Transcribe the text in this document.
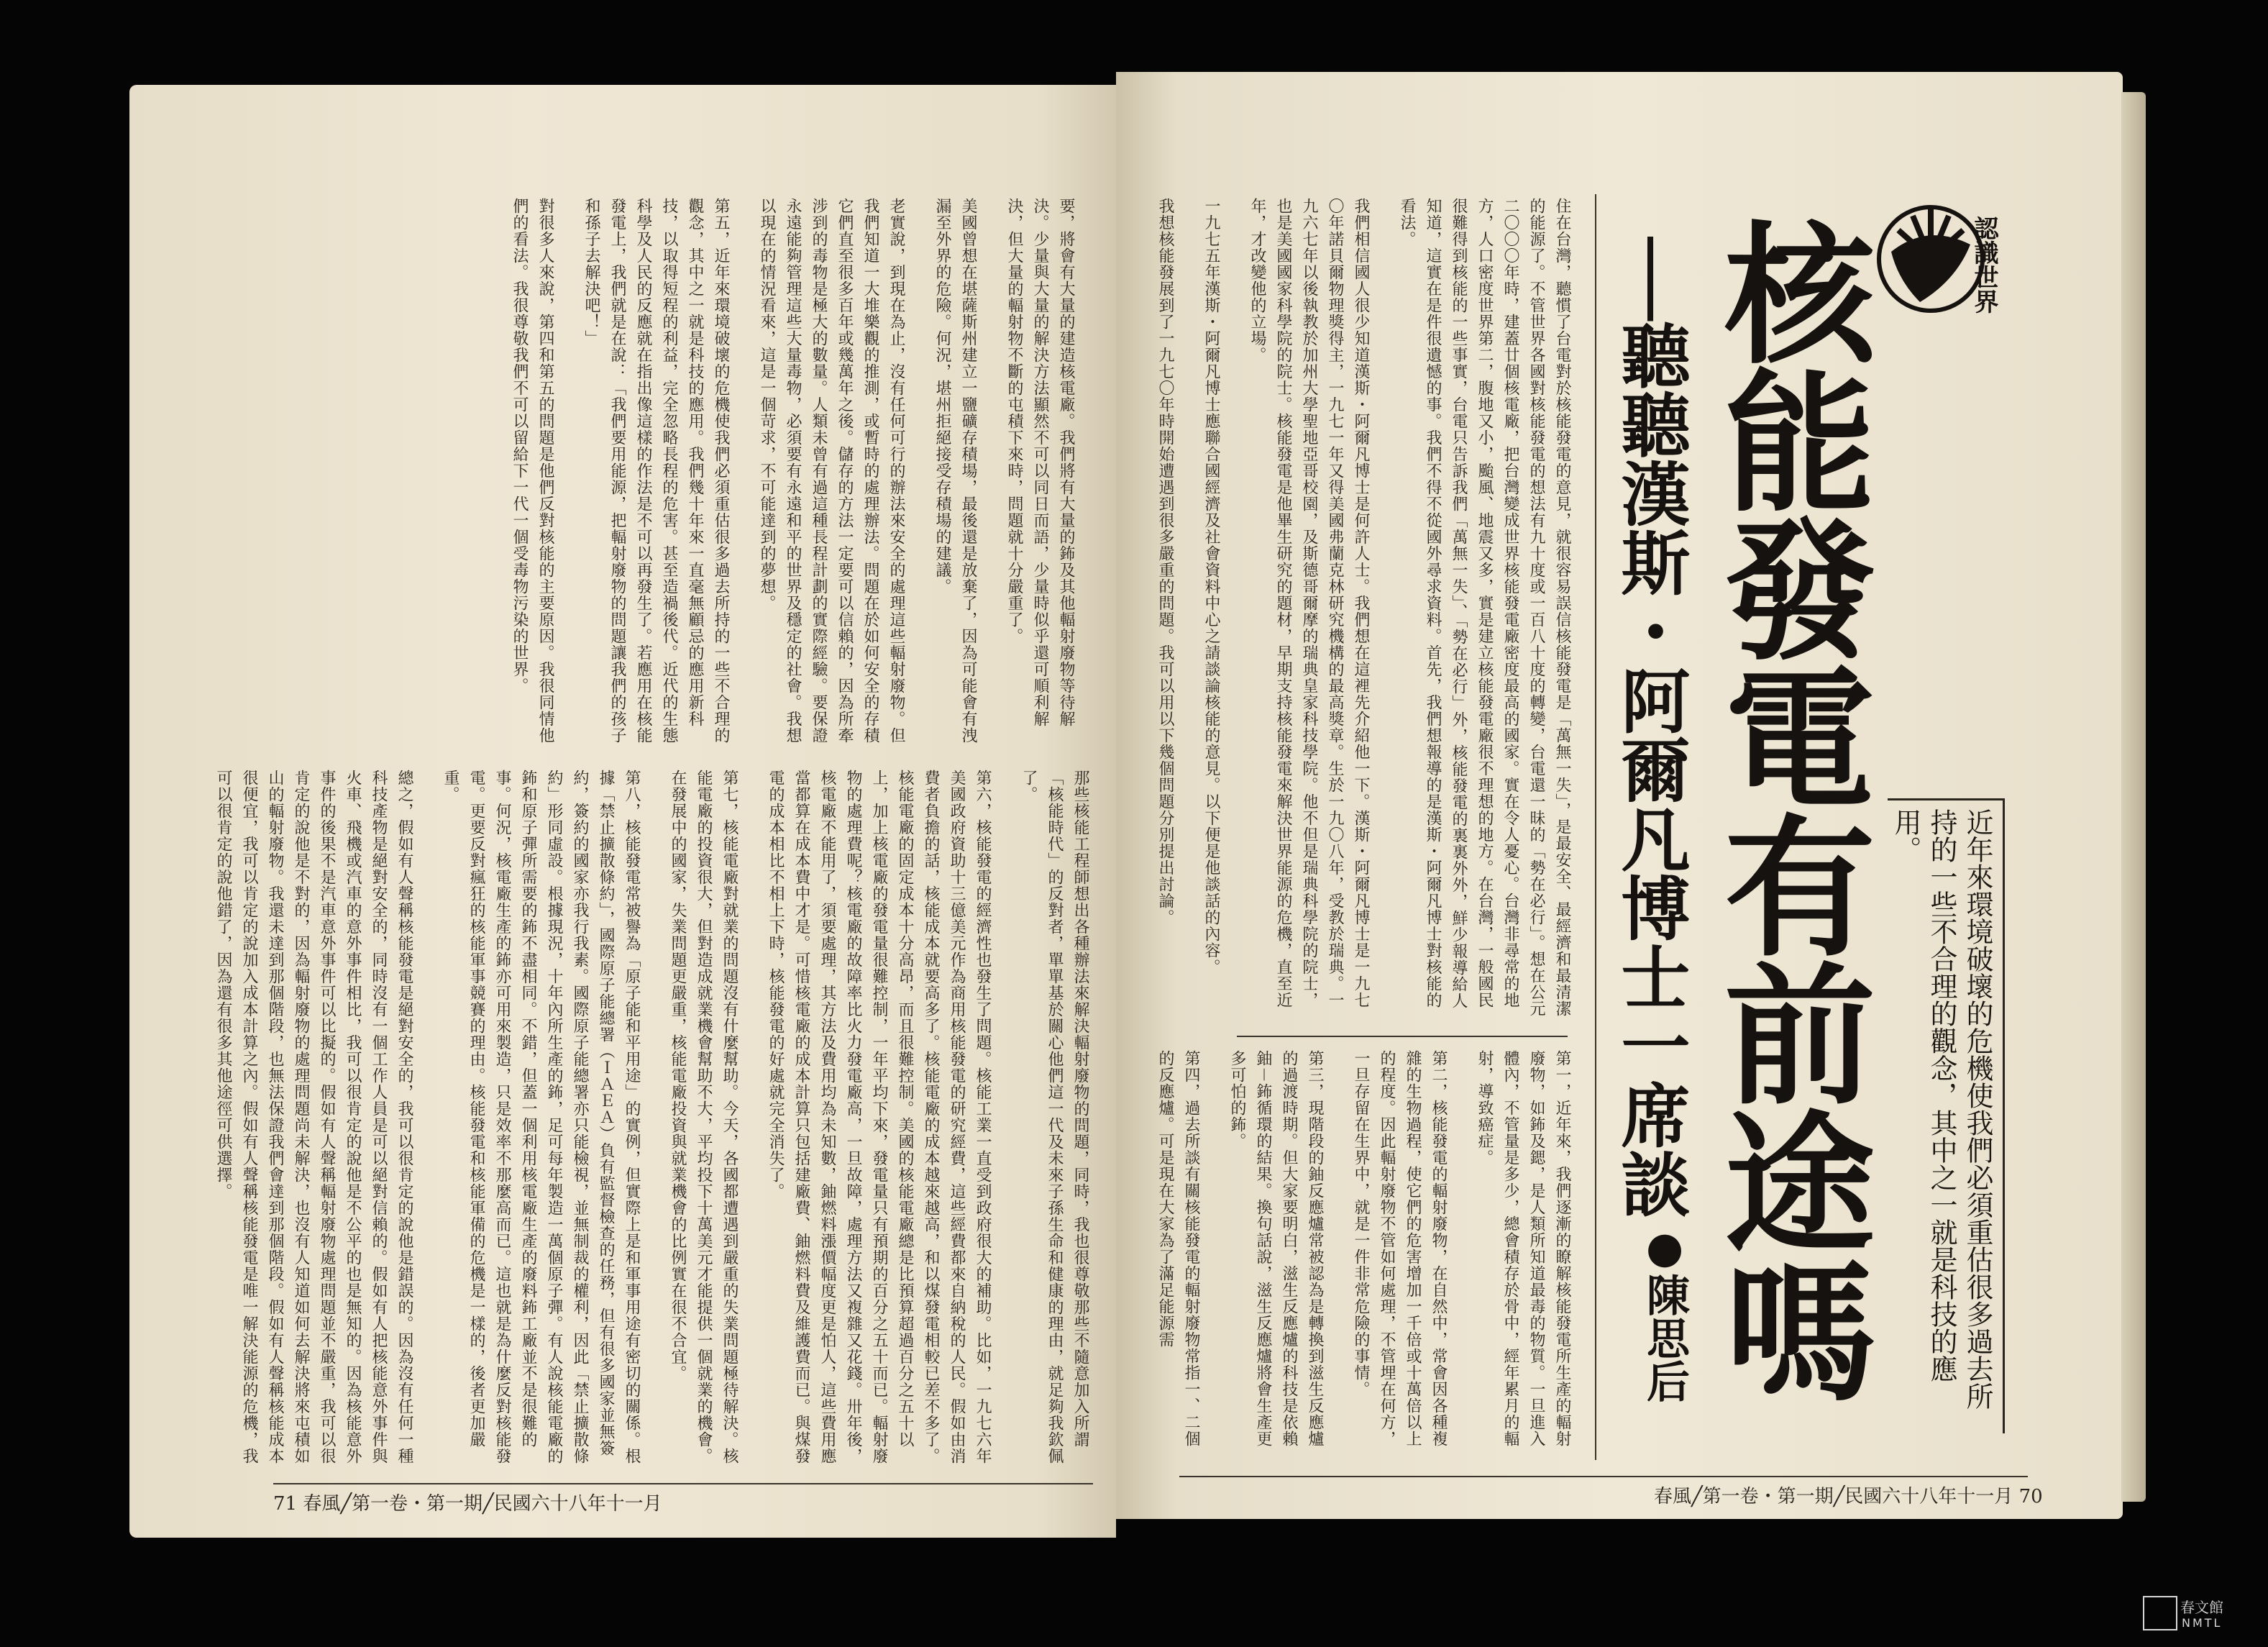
要，將會有大量的建造核電廠。我們將有大量的鈽及其他輻射廢物等待解決。少量與大量的解決方法顯然不可以同日而語，少量時似乎還可順利解決，但大量的輻射物不斷的屯積下來時，問題就十分嚴重了。

美國曾想在堪薩斯州建立一鹽礦存積場，最後還是放棄了，因為可能會有洩漏至外界的危險。何況，堪州拒絕接受存積場的建議。

老實說，到現在為止，沒有任何可行的辦法來安全的處理這些輻射廢物。但我們知道一大堆樂觀的推測，或暫時的處理辦法。問題在於如何安全的存積它們直至很多百年或幾萬年之後。儲存的方法一定要可以信賴的，因為所牽涉到的毒物是極大的數量。人類未曾有過這種長程計劃的實際經驗。要保證永遠能夠管理這些大量毒物，必須要有永遠和平的世界及穩定的社會。我想以現在的情況看來，這是一個苛求，不可能達到的夢想。

第五，近年來環境破壞的危機使我們必須重估很多過去所持的一些不合理的觀念，其中之一就是科技的應用。我們幾十年來一直毫無顧忌的應用新科技，以取得短程的利益，完全忽略長程的危害。甚至造禍後代。近代的生態科學及人民的反應就在指出像這樣的作法是不可以再發生了。若應用在核能發電上，我們就是在說：「我們要用能源，把輻射廢物的問題讓我們的孩子和孫子去解決吧！」

對很多人來說，第四和第五的問題是他們反對核能的主要原因。我很同情他們的看法。我很尊敬我們不可以留給下一代一個受毒物污染的世界。

那些核能工程師想出各種辦法來解決輻射廢物的問題，同時，我也很尊敬那些不隨意加入所謂「核能時代」的反對者，單單基於關心他們這一代及未來子孫生命和健康的理由，就足夠我欽佩了。

第六，核能發電的經濟性也發生了問題。核能工業一直受到政府很大的補助。比如，一九七六年美國政府資助十三億美元作為商用核能發電的研究經費，這些經費都來自納稅的人民。假如由消費者負擔的話，核能成本就要高多了。核能電廠的成本越來越高，和以煤發電相較已差不多了。核能電廠的固定成本十分高昂，而且很難控制。美國的核能電廠總是比預算超過百分之五十以上，加上核電廠的發電量很難控制，一年平均下來，發電量只有預期的百分之五十而已。輻射廢物的處理費呢？核電廠的故障率比火力發電廠高，一旦故障，處理方法又複雜又花錢。卅年後，核電廠不能用了，須要處理，其方法及費用均為未知數，鈾燃料漲價幅度更是怕人，這些費用應當都算在成本費中才是。可惜核電廠的成本計算只包括建廠費、鈾燃料費及維護費而已。與煤發電的成本相比不相上下時，核能發電的好處就完全消失了。

第七，核能電廠對就業的問題沒有什麼幫助。今天，各國都遭遇到嚴重的失業問題極待解決。核能電廠的投資很大，但對造成就業機會幫助不大，平均投下十萬美元才能提供一個就業的機會。在發展中的國家，失業問題更嚴重，核能電廠投資與就業機會的比例實在很不合宜。

第八，核能發電常被譽為「原子能和平用途」的實例，但實際上是和軍事用途有密切的關係。根據「禁止擴散條約」，國際原子能總署（ＩＡＥＡ）負有監督檢查的任務，但有很多國家並無簽約，簽約的國家亦我行我素。國際原子能總署亦只能檢視，並無制裁的權利，因此「禁止擴散條約」形同虛設。根據現況，十年內所生產的鈽，足可每年製造一萬個原子彈。有人說核能電廠的鈽和原子彈所需要的鈽不盡相同。不錯，但蓋一個利用核電廠生產的廢料鈽工廠並不是很難的事。何況，核電廠生產的鈽亦可用來製造，只是效率不那麼高而已。這也就是為什麼反對核能發電。更要反對瘋狂的核能軍事競賽的理由。核能發電和核能軍備的危機是一樣的，後者更加嚴重。

總之，假如有人聲稱核能發電是絕對安全的，我可以很肯定的說他是錯誤的。因為沒有任何一種科技產物是絕對安全的，同時沒有一個工作人員是可以絕對信賴的。假如有人把核能意外事件與火車、飛機或汽車的意外事件相比，我可以很肯定的說他是不公平的也是無知的。因為核能意外事件的後果不是汽車意外事件可以比擬的。假如有人聲稱輻射廢物處理問題並不嚴重，我可以很肯定的說他是不對的，因為輻射廢物的處理問題尚未解決，也沒有人知道如何去解決將來屯積如山的輻射廢物。我還未達到那個階段，也無法保證我們會達到那個階段。假如有人聲稱核能成本很便宜，我可以肯定的說加入成本計算之內。假如有人聲稱核能發電是唯一解決能源的危機，我可以很肯定的說他錯了，因為還有很多其他途徑可供選擇。

71 春風╱第一卷・第一期╱民國六十八年十一月
認識世界
核能發電有前途嗎
──聽聽漢斯・阿爾凡博士一席談
●陳思后	近年來環境破壞的危機使我們必須重估很多過去所持的一些不合理的觀念，其中之一就是科技的應用。

住在台灣，聽慣了台電對於核能發電的意見，就很容易誤信核能發電是「萬無一失」，是最安全、最經濟和最清潔的能源了。不管世界各國對核能發電的想法有九十度或一百八十度的轉變，台電還一昧的「勢在必行」。想在公元二〇〇〇年時，建蓋廿個核電廠，把台灣變成世界核能發電廠密度最高的國家。實在令人憂心。台灣非尋常的地方，人口密度世界第二，腹地又小，颱風、地震又多，實是建立核能發電廠很不理想的地方。在台灣，一般國民很難得到核能的一些事實，台電只告訴我們「萬無一失」、「勢在必行」外，核能發電的裏裏外外，鮮少報導給人知道，這實在是件很遺憾的事。我們不得不從國外尋求資料。首先，我們想報導的是漢斯・阿爾凡博士對核能的看法。

我們相信國人很少知道漢斯・阿爾凡博士是何許人士。我們想在這裡先介紹他一下。漢斯・阿爾凡博士是一九七〇年諾貝爾物理獎得主，一九七一年又得美國弗蘭克林研究機構的最高獎章。生於一九〇八年，受教於瑞典。一九六七年以後執教於加州大學聖地亞哥校園，及斯德哥爾摩的瑞典皇家科技學院。他不但是瑞典科學院的院士，也是美國國家科學院的院士。核能發電是他畢生研究的題材，早期支持核能發電來解決世界能源的危機，直至近年，才改變他的立場。

一九七五年漢斯・阿爾凡博士應聯合國經濟及社會資料中心之請談論核能的意見。以下便是他談話的內容。

我想核能發展到了一九七〇年時開始遭遇到很多嚴重的問題。我可以用以下幾個問題分別提出討論。

第一，近年來，我們逐漸的瞭解核能發電所生產的輻射廢物，如鈽及鍶，是人類所知道最毒的物質。一旦進入體內，不管量是多少，總會積存於骨中，經年累月的輻射，導致癌症。

第二，核能發電的輻射廢物，在自然中，常會因各種複雜的生物過程，使它們的危害增加一千倍或十萬倍以上的程度。因此輻射廢物不管如何處理，不管埋在何方，一旦存留在生界中，就是一件非常危險的事情。

第三，現階段的鈾反應爐常被認為是轉換到滋生反應爐的過渡時期。但大家要明白，滋生反應爐的科技是依賴鈾－鈽循環的結果。換句話說，滋生反應爐將會生產更多可怕的鈽。

第四，過去所談有關核能發電的輻射廢物常指一、二個的反應爐。可是現在大家為了滿足能源需

春風╱第一卷・第一期╱民國六十八年十一月 70
春文館
NMTL
